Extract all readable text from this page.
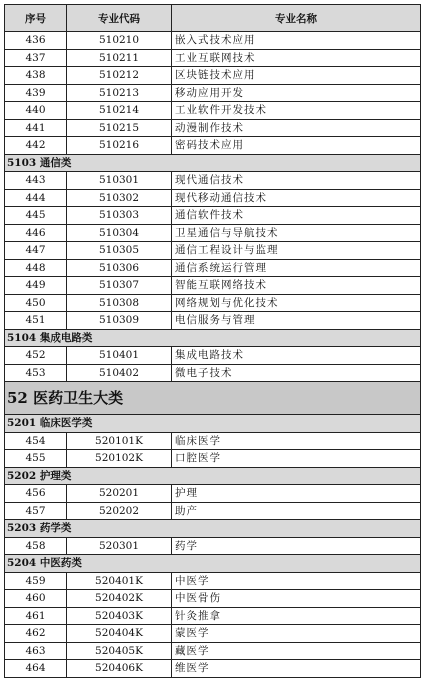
序号	专业代码	专业名称
436	510210	嵌入式技术应用
437	510211	工业互联网技术
438	510212	区块链技术应用
439	510213	移动应用开发
440	510214	工业软件开发技术
441	510215	动漫制作技术
442	510216	密码技术应用
5103 通信类		
443	510301	现代通信技术
444	510302	现代移动通信技术
445	510303	通信软件技术
446	510304	卫星通信与导航技术
447	510305	通信工程设计与监理
448	510306	通信系统运行管理
449	510307	智能互联网络技术
450	510308	网络规划与优化技术
451	510309	电信服务与管理
5104 集成电路类		
452	510401	集成电路技术
453	510402	微电子技术
52 医药卫生大类		
5201 临床医学类		
454	520101K	临床医学
455	520102K	口腔医学
5202 护理类		
456	520201	护理
457	520202	助产
5203 药学类		
458	520301	药学
5204 中医药类		
459	520401K	中医学
460	520402K	中医骨伤
461	520403K	针灸推拿
462	520404K	蒙医学
463	520405K	藏医学
464	520406K	维医学
